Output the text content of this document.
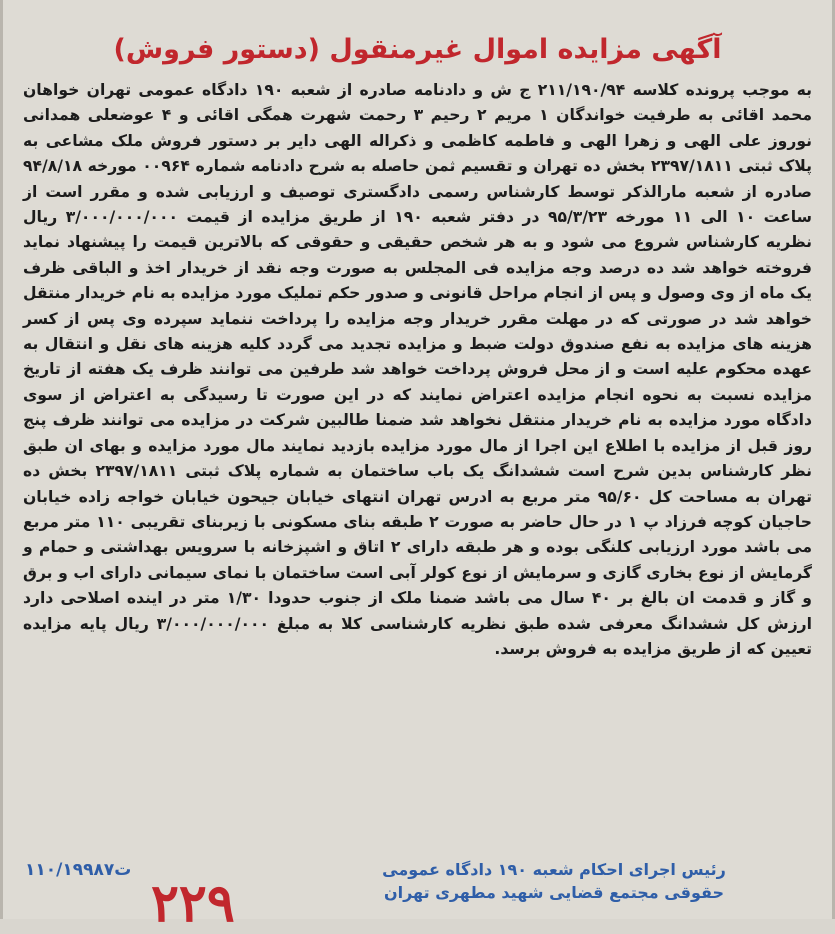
آگهی مزایده اموال غیرمنقول (دستور فروش)

به موجب پرونده کلاسه ۲۱۱/۱۹۰/۹۴ ج ش و دادنامه صادره از شعبه ۱۹۰ دادگاه عمومی تهران خواهان محمد اقائی به طرفیت خواندگان ۱ مریم ۲ رحیم ۳ رحمت شهرت همگی اقائی و ۴ عوضعلی همدانی نوروز علی الهی و زهرا الهی و فاطمه کاظمی و ذکراله الهی دایر بر دستور فروش ملک مشاعی به پلاک ثبتی ۲۳۹۷/۱۸۱۱ بخش ده تهران و تقسیم ثمن حاصله به شرح دادنامه شماره ۰۰۹۶۴ مورخه ۹۴/۸/۱۸ صادره از شعبه مارالذکر توسط کارشناس رسمی دادگستری توصیف و ارزیابی شده و مقرر است از ساعت ۱۰ الی ۱۱ مورخه ۹۵/۳/۲۳ در دفتر شعبه ۱۹۰ از طریق مزایده از قیمت ۳/۰۰۰/۰۰۰/۰۰۰ ریال نظریه کارشناس شروع می شود و به هر شخص حقیقی و حقوقی که بالاترین قیمت را پیشنهاد نماید فروخته خواهد شد ده درصد وجه مزایده فی المجلس به صورت وجه نقد از خریدار اخذ و الباقی ظرف یک ماه از وی وصول و پس از انجام مراحل قانونی و صدور حکم تملیک مورد مزایده به نام خریدار منتقل خواهد شد در صورتی که در مهلت مقرر خریدار وجه مزایده را پرداخت ننماید سپرده وی پس از کسر هزینه های مزایده به نفع صندوق دولت ضبط و مزایده تجدید می گردد کلیه هزینه های نقل و انتقال به عهده محکوم علیه است و از محل فروش پرداخت خواهد شد طرفین می توانند ظرف یک هفته از تاریخ مزایده نسبت به نحوه انجام مزایده اعتراض نمایند که در این صورت تا رسیدگی به اعتراض از سوی دادگاه مورد مزایده به نام خریدار منتقل نخواهد شد ضمنا طالبین شرکت در مزایده می توانند ظرف پنج روز قبل از مزایده با اطلاع این اجرا از مال مورد مزایده بازدید نمایند مال مورد مزایده و بهای ان طبق نظر کارشناس بدین شرح است ششدانگ یک باب ساختمان به شماره پلاک ثبتی ۲۳۹۷/۱۸۱۱ بخش ده تهران به مساحت کل ۹۵/۶۰ متر مربع به ادرس تهران انتهای خیابان جیحون خیابان خواجه زاده خیابان حاجیان کوچه فرزاد پ ۱ در حال حاضر به صورت ۲ طبقه بنای مسکونی با زیربنای تقریبی ۱۱۰ متر مربع می باشد مورد ارزیابی کلنگی بوده و هر طبقه دارای ۲ اتاق و اشپزخانه با سرویس بهداشتی و حمام و گرمایش از نوع بخاری گازی و سرمایش از نوع کولر آبی است ساختمان با نمای سیمانی دارای اب و برق و گاز و قدمت ان بالغ بر ۴۰ سال می باشد ضمنا ملک از جنوب حدودا ۱/۳۰ متر در اینده اصلاحی دارد ارزش کل ششدانگ معرفی شده طبق نظریه کارشناسی کلا به مبلغ ۳/۰۰۰/۰۰۰/۰۰۰ ریال پایه مزایده تعیین که از طریق مزایده به فروش برسد.

رئیس اجرای احکام شعبه ۱۹۰ دادگاه عمومی
حقوقی مجتمع قضایی شهید مطهری تهران
۱۱۰/۱۹۹۸۷ت
۲۲۹
